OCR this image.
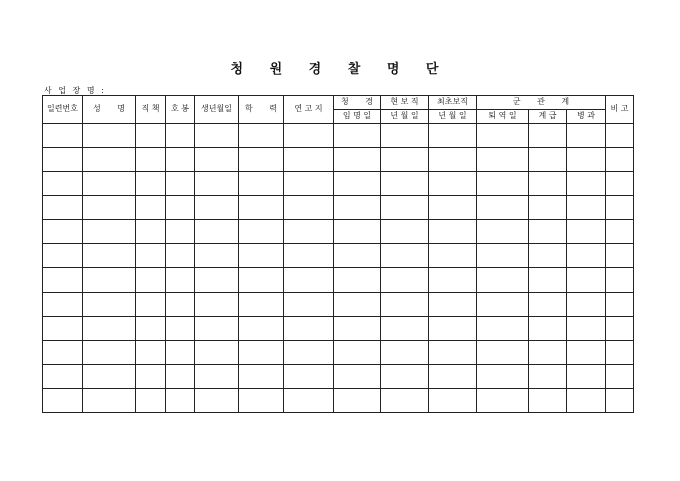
청 원 경 찰 명 단
사 업 장 명 :
일련번호	성 명	직 책	호 봉	생년월일	학 력	연 고 지	청 경	현 보 직	최초보직	군 관 계			비 고
							임 명 일	년 월 일	년 월 일	퇴 역 일	계 급	병 과	
